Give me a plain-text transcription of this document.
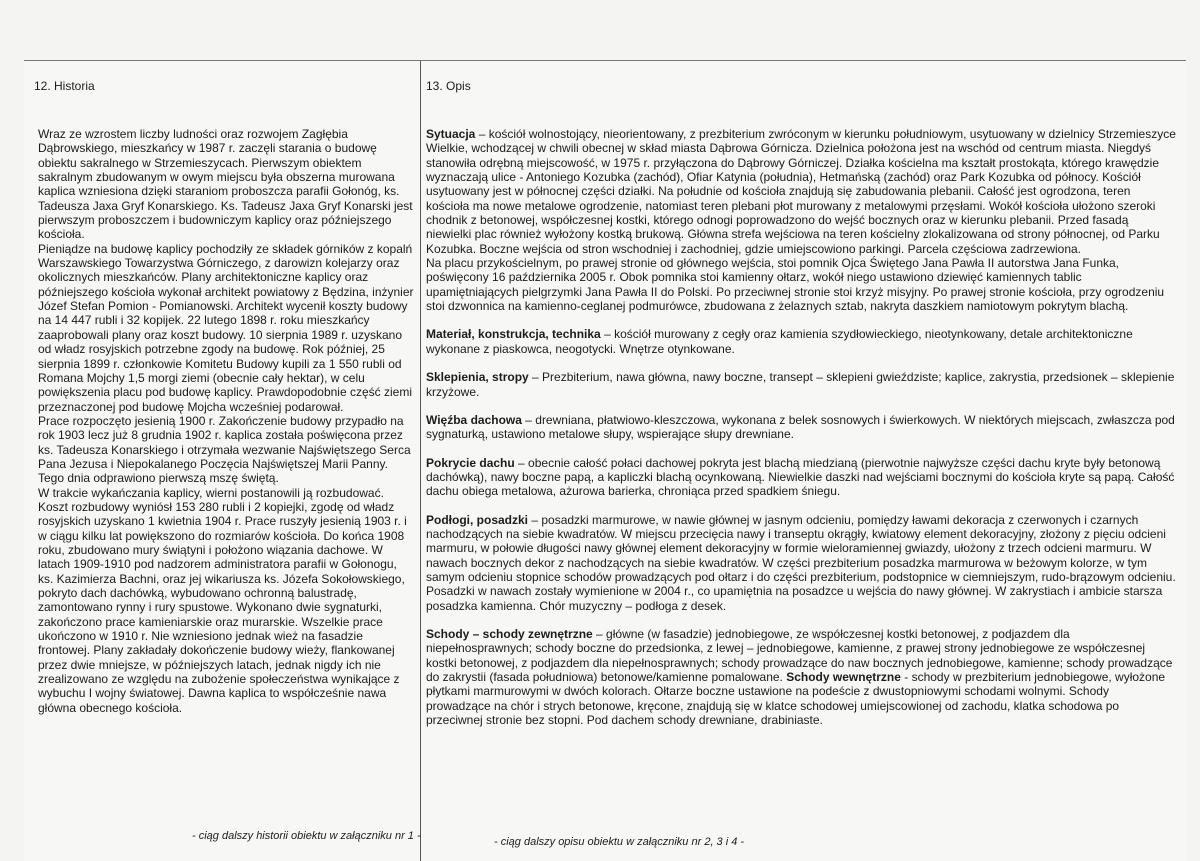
12. Historia

Wraz ze wzrostem liczby ludności oraz rozwojem Zagłębia Dąbrowskiego, mieszkańcy w 1987 r. zaczęli starania o budowę obiektu sakralnego w Strzemieszycach. Pierwszym obiektem sakralnym zbudowanym w owym miejscu była obszerna murowana kaplica wzniesiona dzięki staraniom proboszcza parafii Gołonóg, ks. Tadeusza Jaxa Gryf Konarskiego. Ks. Tadeusz Jaxa Gryf Konarski jest pierwszym proboszczem i budowniczym kaplicy oraz późniejszego kościoła.

Pieniądze na budowę kaplicy pochodziły ze składek górników z kopalń Warszawskiego Towarzystwa Górniczego, z darowizn kolejarzy oraz okolicznych mieszkańców. Plany architektoniczne kaplicy oraz późniejszego kościoła wykonał architekt powiatowy z Będzina, inżynier Józef Stefan Pomion - Pomianowski. Architekt wycenił koszty budowy na 14 447 rubli i 32 kopijek. 22 lutego 1898 r. roku mieszkańcy zaaprobowali plany oraz koszt budowy. 10 sierpnia 1989 r. uzyskano od władz rosyjskich potrzebne zgody na budowę. Rok później, 25 sierpnia 1899 r. członkowie Komitetu Budowy kupili za 1 550 rubli od Romana Mojchy 1,5 morgi ziemi (obecnie cały hektar), w celu powiększenia placu pod budowę kaplicy. Prawdopodobnie część ziemi przeznaczonej pod budowę Mojcha wcześniej podarował.

Prace rozpoczęto jesienią 1900 r. Zakończenie budowy przypadło na rok 1903 lecz już 8 grudnia 1902 r. kaplica została poświęcona przez ks. Tadeusza Konarskiego i otrzymała wezwanie Najświętszego Serca Pana Jezusa i Niepokalanego Poczęcia Najświętszej Marii Panny. Tego dnia odprawiono pierwszą mszę świętą.

W trakcie wykańczania kaplicy, wierni postanowili ją rozbudować. Koszt rozbudowy wyniósł 153 280 rubli i 2 kopiejki, zgodę od władz rosyjskich uzyskano 1 kwietnia 1904 r. Prace ruszyły jesienią 1903 r. i w ciągu kilku lat powiększono do rozmiarów kościoła. Do końca 1908 roku, zbudowano mury świątyni i położono wiązania dachowe. W latach 1909-1910 pod nadzorem administratora parafii w Gołonogu, ks. Kazimierza Bachni, oraz jej wikariusza ks. Józefa Sokołowskiego, pokryto dach dachówką, wybudowano ochronną balustradę, zamontowano rynny i rury spustowe. Wykonano dwie sygnaturki, zakończono prace kamieniarskie oraz murarskie. Wszelkie prace ukończono w 1910 r. Nie wzniesiono jednak wież na fasadzie frontowej. Plany zakładały dokończenie budowy wieży, flankowanej przez dwie mniejsze, w późniejszych latach, jednak nigdy ich nie zrealizowano ze względu na zubożenie społeczeństwa wynikające z wybuchu I wojny światowej. Dawna kaplica to współcześnie nawa główna obecnego kościoła.

13. Opis

Sytuacja – kościół wolnostojący, nieorientowany, z prezbiterium zwróconym w kierunku południowym, usytuowany w dzielnicy Strzemieszyce Wielkie, wchodzącej w chwili obecnej w skład miasta Dąbrowa Górnicza. Dzielnica położona jest na wschód od centrum miasta. Niegdyś stanowiła odrębną miejscowość, w 1975 r. przyłączona do Dąbrowy Górniczej. Działka kościelna ma kształt prostokąta, którego krawędzie wyznaczają ulice - Antoniego Kozubka (zachód), Ofiar Katynia (południa), Hetmańską (zachód) oraz Park Kozubka od północy. Kościół usytuowany jest w północnej części działki. Na południe od kościoła znajdują się zabudowania plebanii. Całość jest ogrodzona, teren kościoła ma nowe metalowe ogrodzenie, natomiast teren plebani płot murowany z metalowymi przęsłami. Wokół kościoła ułożono szeroki chodnik z betonowej, współczesnej kostki, którego odnogi poprowadzono do wejść bocznych oraz w kierunku plebanii. Przed fasadą niewielki plac również wyłożony kostką brukową. Główna strefa wejściowa na teren kościelny zlokalizowana od strony północnej, od Parku Kozubka. Boczne wejścia od stron wschodniej i zachodniej, gdzie umiejscowiono parkingi. Parcela częściowa zadrzewiona.

Na placu przykościelnym, po prawej stronie od głównego wejścia, stoi pomnik Ojca Świętego Jana Pawła II autorstwa Jana Funka, poświęcony 16 października 2005 r. Obok pomnika stoi kamienny ołtarz, wokół niego ustawiono dziewięć kamiennych tablic upamiętniających pielgrzymki Jana Pawła II do Polski. Po przeciwnej stronie stoi krzyż misyjny. Po prawej stronie kościoła, przy ogrodzeniu stoi dzwonnica na kamienno-ceglanej podmurówce, zbudowana z żelaznych sztab, nakryta daszkiem namiotowym pokrytym blachą.

Materiał, konstrukcja, technika – kościół murowany z cegły oraz kamienia szydłowieckiego, nieotynkowany, detale architektoniczne wykonane z piaskowca, neogotycki. Wnętrze otynkowane.

Sklepienia, stropy – Prezbiterium, nawa główna, nawy boczne, transept – sklepieni gwieździste; kaplice, zakrystia, przedsionek – sklepienie krzyżowe.

Więźba dachowa – drewniana, płatwiowo-kleszczowa, wykonana z belek sosnowych i świerkowych. W niektórych miejscach, zwłaszcza pod sygnaturką, ustawiono metalowe słupy, wspierające słupy drewniane.

Pokrycie dachu – obecnie całość połaci dachowej pokryta jest blachą miedzianą (pierwotnie najwyższe części dachu kryte były betonową dachówką), nawy boczne papą, a kapliczki blachą ocynkowaną. Niewielkie daszki nad wejściami bocznymi do kościoła kryte są papą. Całość dachu obiega metalowa, ażurowa barierka, chroniąca przed spadkiem śniegu.

Podłogi, posadzki – posadzki marmurowe, w nawie głównej w jasnym odcieniu, pomiędzy ławami dekoracja z czerwonych i czarnych nachodzących na siebie kwadratów. W miejscu przecięcia nawy i transeptu okrągły, kwiatowy element dekoracyjny, złożony z pięciu odcieni marmuru, w połowie długości nawy głównej element dekoracyjny w formie wieloramiennej gwiazdy, ułożony z trzech odcieni marmuru. W nawach bocznych dekor z nachodzących na siebie kwadratów. W części prezbiterium posadzka marmurowa w beżowym kolorze, w tym samym odcieniu stopnice schodów prowadzących pod ołtarz i do części prezbiterium, podstopnice w ciemniejszym, rudo-brązowym odcieniu. Posadzki w nawach zostały wymienione w 2004 r., co upamiętnia na posadzce u wejścia do nawy głównej. W zakrystiach i ambicie starsza posadzka kamienna. Chór muzyczny – podłoga z desek.

Schody – schody zewnętrzne – główne (w fasadzie) jednobiegowe, ze współczesnej kostki betonowej, z podjazdem dla niepełnosprawnych; schody boczne do przedsionka, z lewej – jednobiegowe, kamienne, z prawej strony jednobiegowe ze współczesnej kostki betonowej, z podjazdem dla niepełnosprawnych; schody prowadzące do naw bocznych jednobiegowe, kamienne; schody prowadzące do zakrystii (fasada południowa) betonowe/kamienne pomalowane. Schody wewnętrzne - schody w prezbiterium jednobiegowe, wyłożone płytkami marmurowymi w dwóch kolorach. Ołtarze boczne ustawione na podeście z dwustopniowymi schodami wolnymi. Schody prowadzące na chór i strych betonowe, kręcone, znajdują się w klatce schodowej umiejscowionej od zachodu, klatka schodowa po przeciwnej stronie bez stopni. Pod dachem schody drewniane, drabiniaste.

- ciąg dalszy historii obiektu w załączniku nr 1 -	- ciąg dalszy opisu obiektu w załączniku nr 2, 3 i 4 -
